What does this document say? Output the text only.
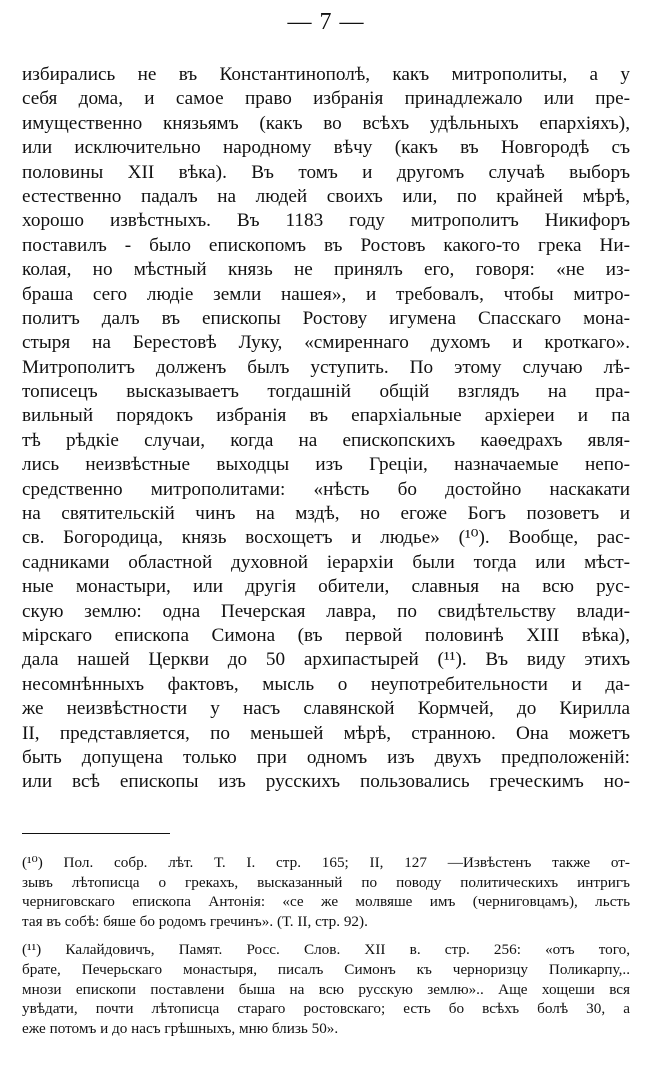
— 7 —
избирались не въ Константинополѣ, какъ митрополиты, а у
себя дома, и самое право избранія принадлежало или пре-
имущественно князьямъ (какъ во всѣхъ удѣльныхъ епархіяхъ),
или исключительно народному вѣчу (какъ въ Новгородѣ съ
половины XII вѣка). Въ томъ и другомъ случаѣ выборъ
естественно падалъ на людей своихъ или, по крайней мѣрѣ,
хорошо извѣстныхъ. Въ 1183 году митрополитъ Никифоръ
поставилъ - было епископомъ въ Ростовъ какого-то грека Ни-
колая, но мѣстный князь не принялъ его, говоря: «не из-
браша сего людіе земли нашея», и требовалъ, чтобы митро-
политъ далъ въ епископы Ростову игумена Спасскаго мона-
стыря на Берестовѣ Луку, «смиреннаго духомъ и кроткаго».
Митрополитъ долженъ былъ уступить. По этому случаю лѣ-
тописецъ высказываетъ тогдашній общій взглядъ на пра-
вильный порядокъ избранія въ епархіальные архіереи и па
тѣ рѣдкіе случаи, когда на епископскихъ каѳедрахъ явля-
лись неизвѣстные выходцы изъ Греціи, назначаемые непо-
средственно митрополитами: «нѣсть бо достойно наскакати
на святительскій чинъ на мздѣ, но егоже Богъ позоветъ и
св. Богородица, князь восхощетъ и людье» (¹⁰). Вообще, рас-
садниками областной духовной іерархіи были тогда или мѣст-
ные монастыри, или другія обители, славныя на всю рус-
скую землю: одна Печерская лавра, по свидѣтельству влади-
мірскаго епископа Симона (въ первой половинѣ XIII вѣка),
дала нашей Церкви до 50 архипастырей (¹¹). Въ виду этихъ
несомнѣнныхъ фактовъ, мысль о неупотребительности и да-
же неизвѣстности у насъ славянской Кормчей, до Кирилла
II, представляется, по меньшей мѣрѣ, странною. Она можетъ
быть допущена только при одномъ изъ двухъ предположеній:
или всѣ епископы изъ русскихъ пользовались греческимъ но-
(¹⁰) Пол. собр. лѣт. Т. I. стр. 165; II, 127 —Извѣстенъ также от-
зывъ лѣтописца о грекахъ, высказанный по поводу политическихъ интригъ
черниговскаго епископа Антонія: «се же молвяше имъ (черниговцамъ), льсть
тая въ собѣ: бяше бо родомъ гречинъ». (Т. II, стр. 92).
(¹¹) Калайдовичъ, Памят. Росс. Слов. XII в. стр. 256: «отъ того,
брате, Печерьскаго монастыря, писалъ Симонъ къ черноризцу Поликарпу,..
мнози епископи поставлени быша на всю русскую землю».. Аще хощеши вся
увѣдати, почти лѣтописца стараго ростовскаго; есть бо всѣхъ болѣ 30, а
еже потомъ и до насъ грѣшныхъ, мню близь 50».
